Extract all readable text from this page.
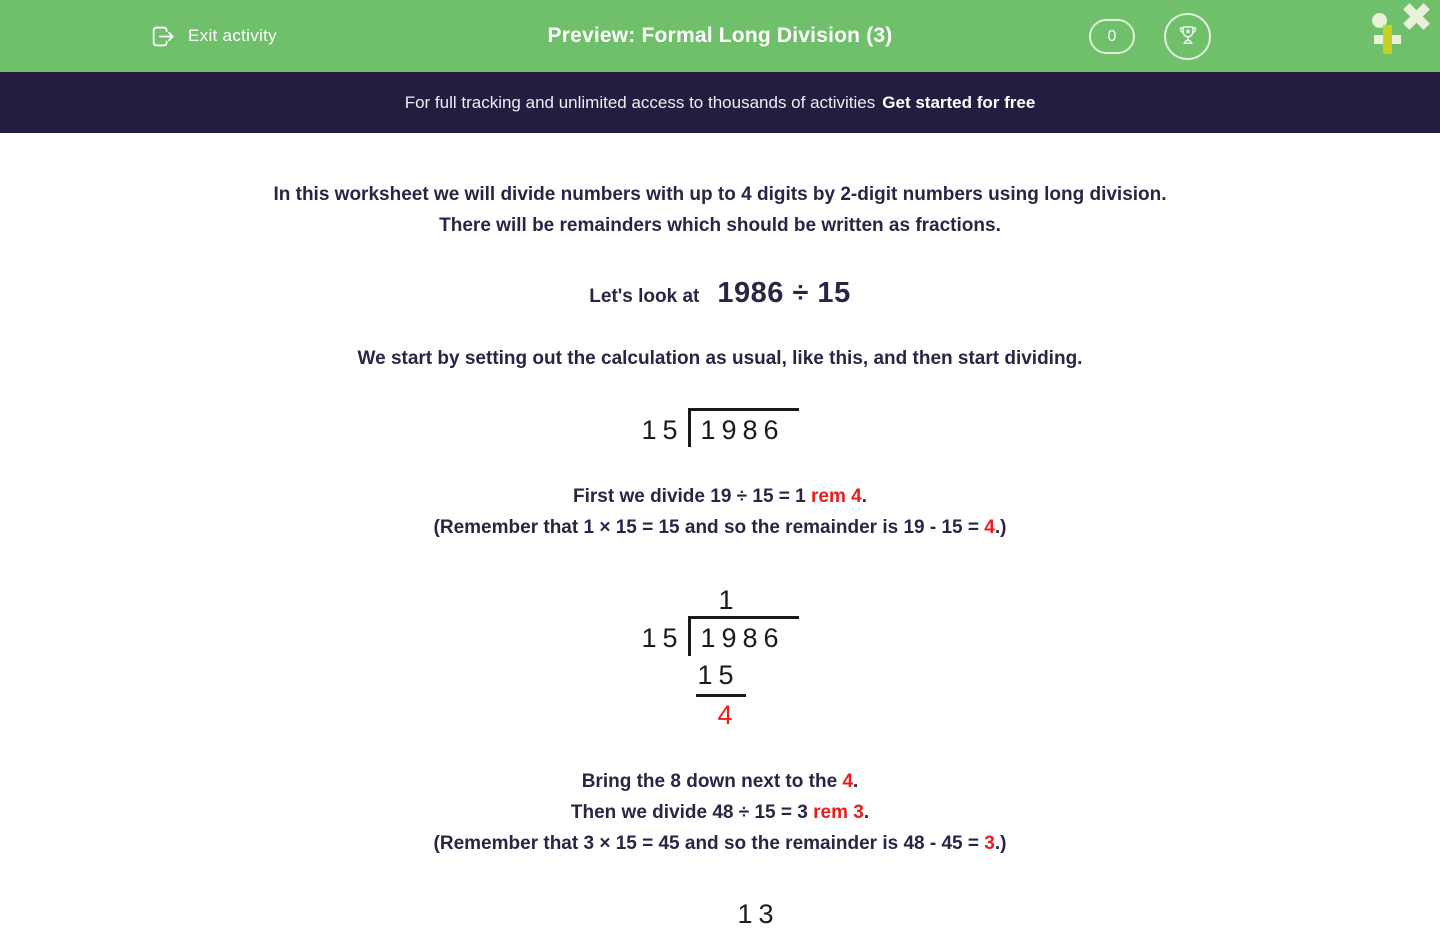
Exit activity	Preview: Formal Long Division (3)	0
For full tracking and unlimited access to thousands of activities Get started for free
In this worksheet we will divide numbers with up to 4 digits by 2-digit numbers using long division.
There will be remainders which should be written as fractions.
Let's look at 1986 ÷ 15
We start by setting out the calculation as usual, like this, and then start dividing.
15 1986
First we divide 19 ÷ 15 = 1 rem 4.
(Remember that 1 × 15 = 15 and so the remainder is 19 - 15 = 4.)
1
15 1986
15
4
Bring the 8 down next to the 4.
Then we divide 48 ÷ 15 = 3 rem 3.
(Remember that 3 × 15 = 45 and so the remainder is 48 - 45 = 3.)
13
